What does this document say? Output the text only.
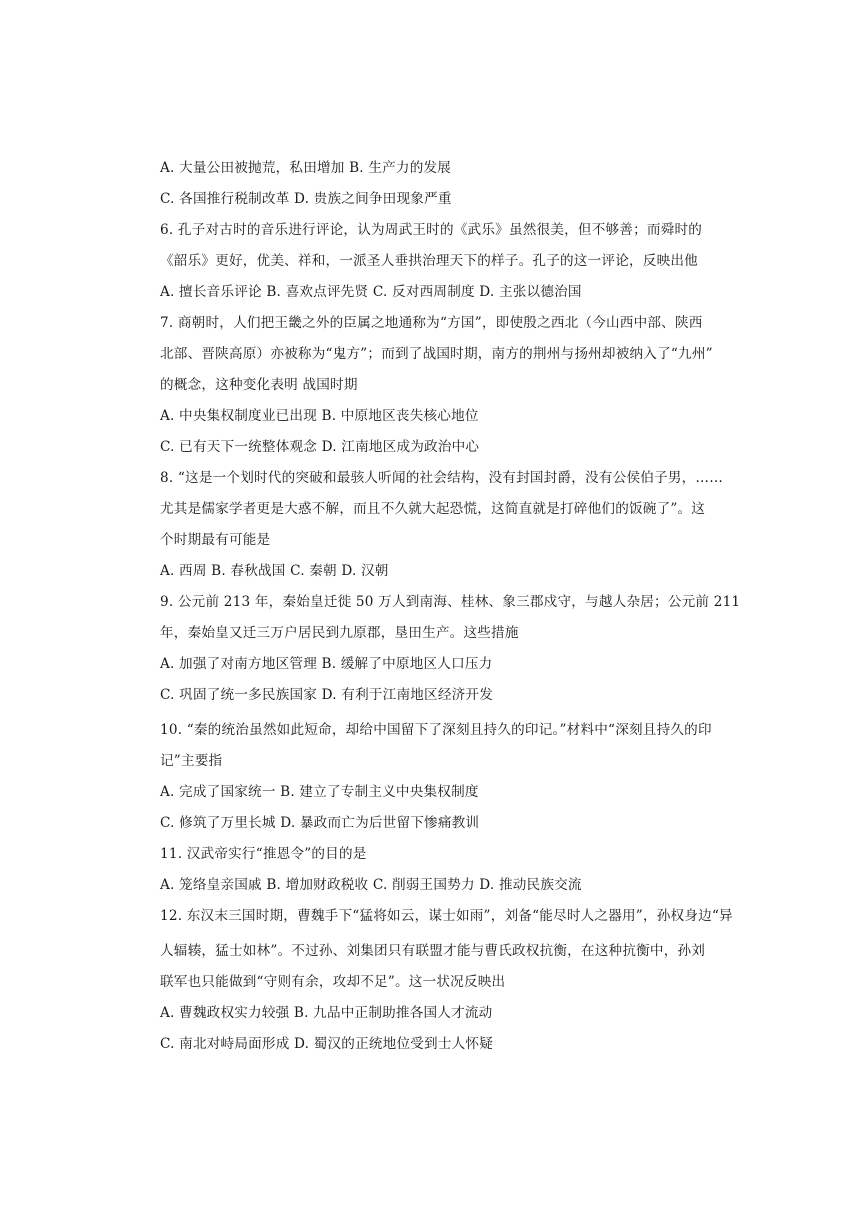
A. 大量公田被抛荒，私田增加 B. 生产力的发展
C. 各国推行税制改革 D. 贵族之间争田现象严重
6. 孔子对古时的音乐进行评论，认为周武王时的《武乐》虽然很美，但不够善；而舜时的
《韶乐》更好，优美、祥和，一派圣人垂拱治理天下的样子。孔子的这一评论，反映出他
A. 擅长音乐评论 B. 喜欢点评先贤 C. 反对西周制度 D. 主张以德治国
7. 商朝时，人们把王畿之外的臣属之地通称为“方国”，即使殷之西北（今山西中部、陕西
北部、晋陕高原）亦被称为“鬼方”；而到了战国时期，南方的荆州与扬州却被纳入了“九州”
的概念，这种变化表明 战国时期
A. 中央集权制度业已出现 B. 中原地区丧失核心地位
C. 已有天下一统整体观念 D. 江南地区成为政治中心
8. “这是一个划时代的突破和最骇人听闻的社会结构，没有封国封爵，没有公侯伯子男，……
尤其是儒家学者更是大惑不解，而且不久就大起恐慌，这简直就是打碎他们的饭碗了”。这
个时期最有可能是
A. 西周 B. 春秋战国 C. 秦朝 D. 汉朝
9. 公元前 213 年，秦始皇迁徙 50 万人到南海、桂林、象三郡戍守，与越人杂居；公元前 211
年，秦始皇又迁三万户居民到九原郡，垦田生产。这些措施
A. 加强了对南方地区管理 B. 缓解了中原地区人口压力
C. 巩固了统一多民族国家 D. 有利于江南地区经济开发
10. “秦的统治虽然如此短命，却给中国留下了深刻且持久的印记。”材料中“深刻且持久的印
记”主要指
A. 完成了国家统一 B. 建立了专制主义中央集权制度
C. 修筑了万里长城 D. 暴政而亡为后世留下惨痛教训
11. 汉武帝实行“推恩令”的目的是
A. 笼络皇亲国戚 B. 增加财政税收 C. 削弱王国势力 D. 推动民族交流
12. 东汉末三国时期，曹魏手下“猛将如云，谋士如雨”，刘备“能尽时人之器用”，孙权身边“异
人辐辏，猛士如林”。不过孙、刘集团只有联盟才能与曹氏政权抗衡，在这种抗衡中，孙刘
联军也只能做到“守则有余，攻却不足”。这一状况反映出
A. 曹魏政权实力较强 B. 九品中正制助推各国人才流动
C. 南北对峙局面形成 D. 蜀汉的正统地位受到士人怀疑
